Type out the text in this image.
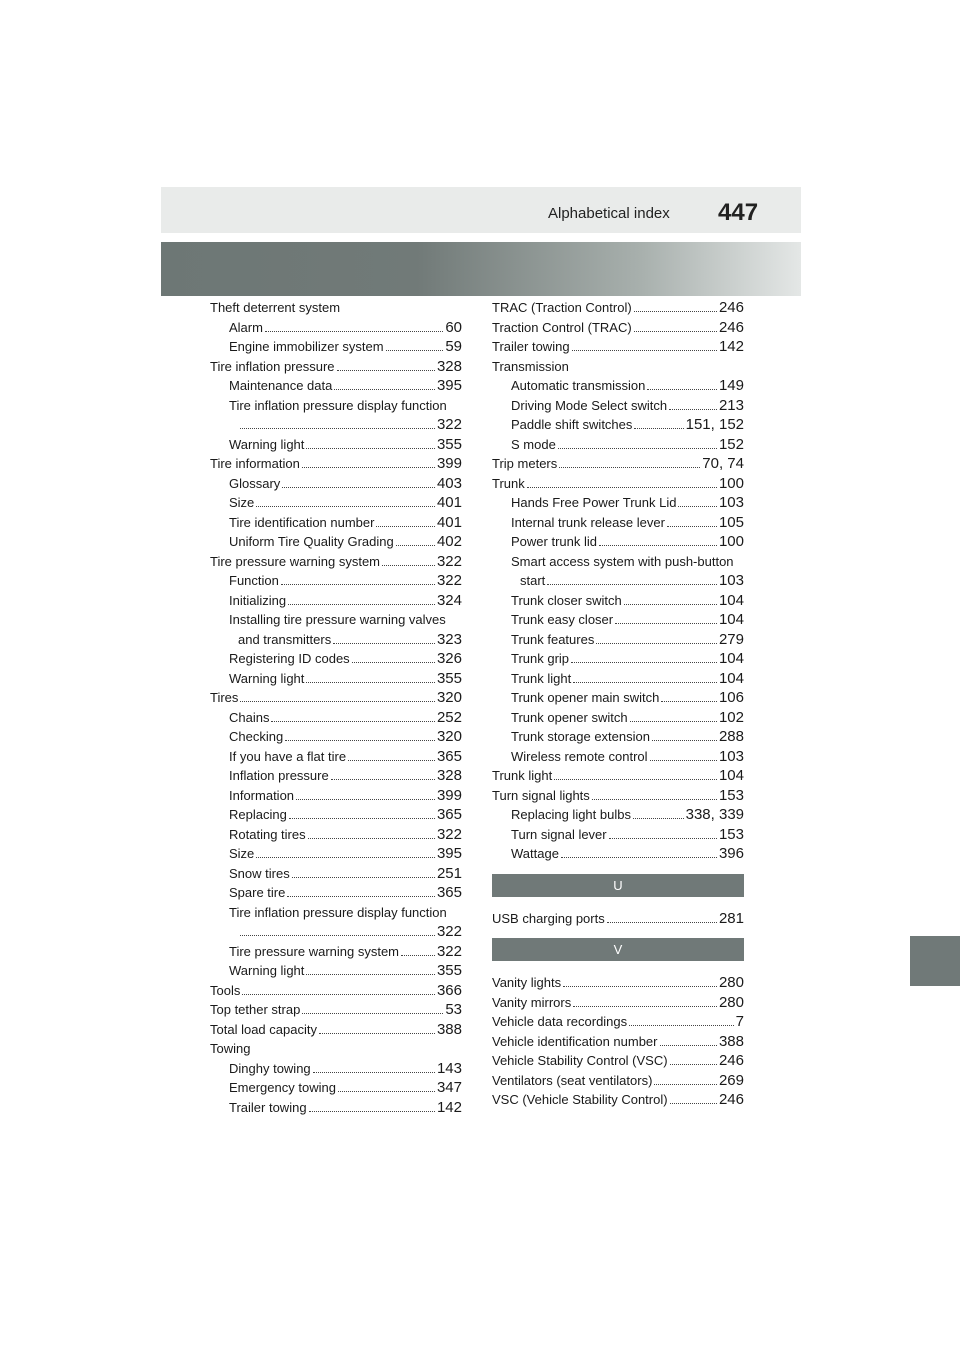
Alphabetical index 447
Theft deterrent system
Alarm	60
Engine immobilizer system	59
Tire inflation pressure	328
Maintenance data	395
Tire inflation pressure display function
322
Warning light	355
Tire information	399
Glossary	403
Size	401
Tire identification number	401
Uniform Tire Quality Grading	402
Tire pressure warning system	322
Function	322
Initializing	324
Installing tire pressure warning valves
and transmitters	323
Registering ID codes	326
Warning light	355
Tires	320
Chains	252
Checking	320
If you have a flat tire	365
Inflation pressure	328
Information	399
Replacing	365
Rotating tires	322
Size	395
Snow tires	251
Spare tire	365
Tire inflation pressure display function
322
Tire pressure warning system	322
Warning light	355
Tools	366
Top tether strap	53
Total load capacity	388
Towing
Dinghy towing	143
Emergency towing	347
Trailer towing	142
TRAC (Traction Control)	246
Traction Control (TRAC)	246
Trailer towing	142
Transmission
Automatic transmission	149
Driving Mode Select switch	213
Paddle shift switches	151, 152
S mode	152
Trip meters	70, 74
Trunk	100
Hands Free Power Trunk Lid	103
Internal trunk release lever	105
Power trunk lid	100
Smart access system with push-button
start	103
Trunk closer switch	104
Trunk easy closer	104
Trunk features	279
Trunk grip	104
Trunk light	104
Trunk opener main switch	106
Trunk opener switch	102
Trunk storage extension	288
Wireless remote control	103
Trunk light	104
Turn signal lights	153
Replacing light bulbs	338, 339
Turn signal lever	153
Wattage	396
U
USB charging ports	281
V
Vanity lights	280
Vanity mirrors	280
Vehicle data recordings	7
Vehicle identification number	388
Vehicle Stability Control (VSC)	246
Ventilators (seat ventilators)	269
VSC (Vehicle Stability Control)	246
